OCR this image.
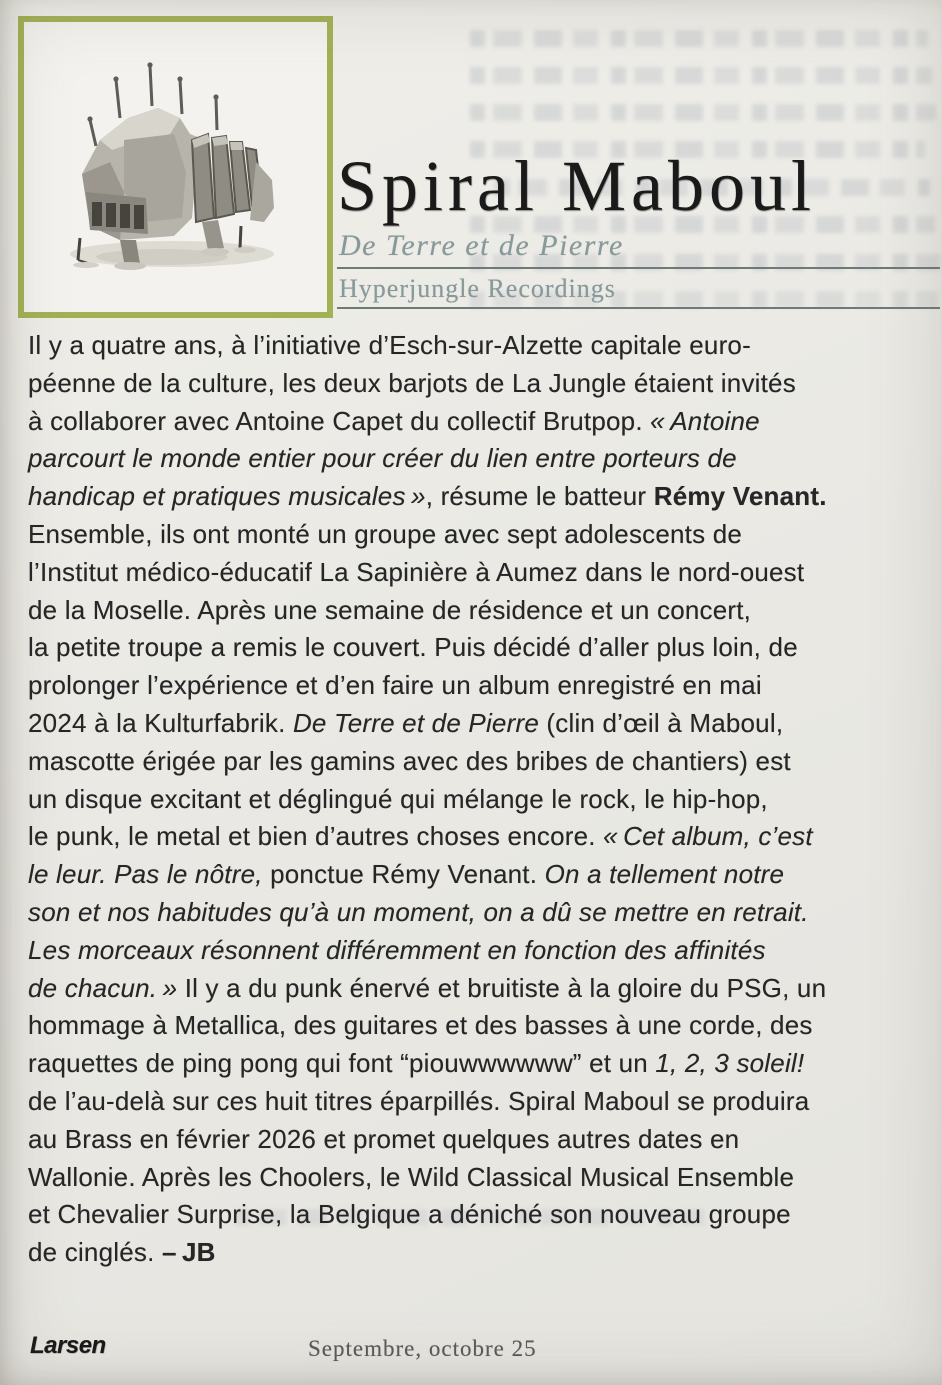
Spiral Maboul
De Terre et de Pierre
Hyperjungle Recordings
Il y a quatre ans, à l’initiative d’Esch-sur-Alzette capitale euro-
péenne de la culture, les deux barjots de La Jungle étaient invités
à collaborer avec Antoine Capet du collectif Brutpop. « Antoine
parcourt le monde entier pour créer du lien entre porteurs de
handicap et pratiques musicales », résume le batteur Rémy Venant.
Ensemble, ils ont monté un groupe avec sept adolescents de
l’Institut médico-éducatif La Sapinière à Aumez dans le nord-ouest
de la Moselle. Après une semaine de résidence et un concert,
la petite troupe a remis le couvert. Puis décidé d’aller plus loin, de
prolonger l’expérience et d’en faire un album enregistré en mai
2024 à la Kulturfabrik. De Terre et de Pierre (clin d’œil à Maboul,
mascotte érigée par les gamins avec des bribes de chantiers) est
un disque excitant et déglingué qui mélange le rock, le hip-hop,
le punk, le metal et bien d’autres choses encore. « Cet album, c’est
le leur. Pas le nôtre, ponctue Rémy Venant. On a tellement notre
son et nos habitudes qu’à un moment, on a dû se mettre en retrait.
Les morceaux résonnent différemment en fonction des affinités
de chacun. » Il y a du punk énervé et bruitiste à la gloire du PSG, un
hommage à Metallica, des guitares et des basses à une corde, des
raquettes de ping pong qui font “piouwwwwww” et un 1, 2, 3 soleil!
de l’au-delà sur ces huit titres éparpillés. Spiral Maboul se produira
au Brass en février 2026 et promet quelques autres dates en
Wallonie. Après les Choolers, le Wild Classical Musical Ensemble
et Chevalier Surprise, la Belgique a déniché son nouveau groupe
de cinglés. – JB
Larsen	Septembre, octobre 25
